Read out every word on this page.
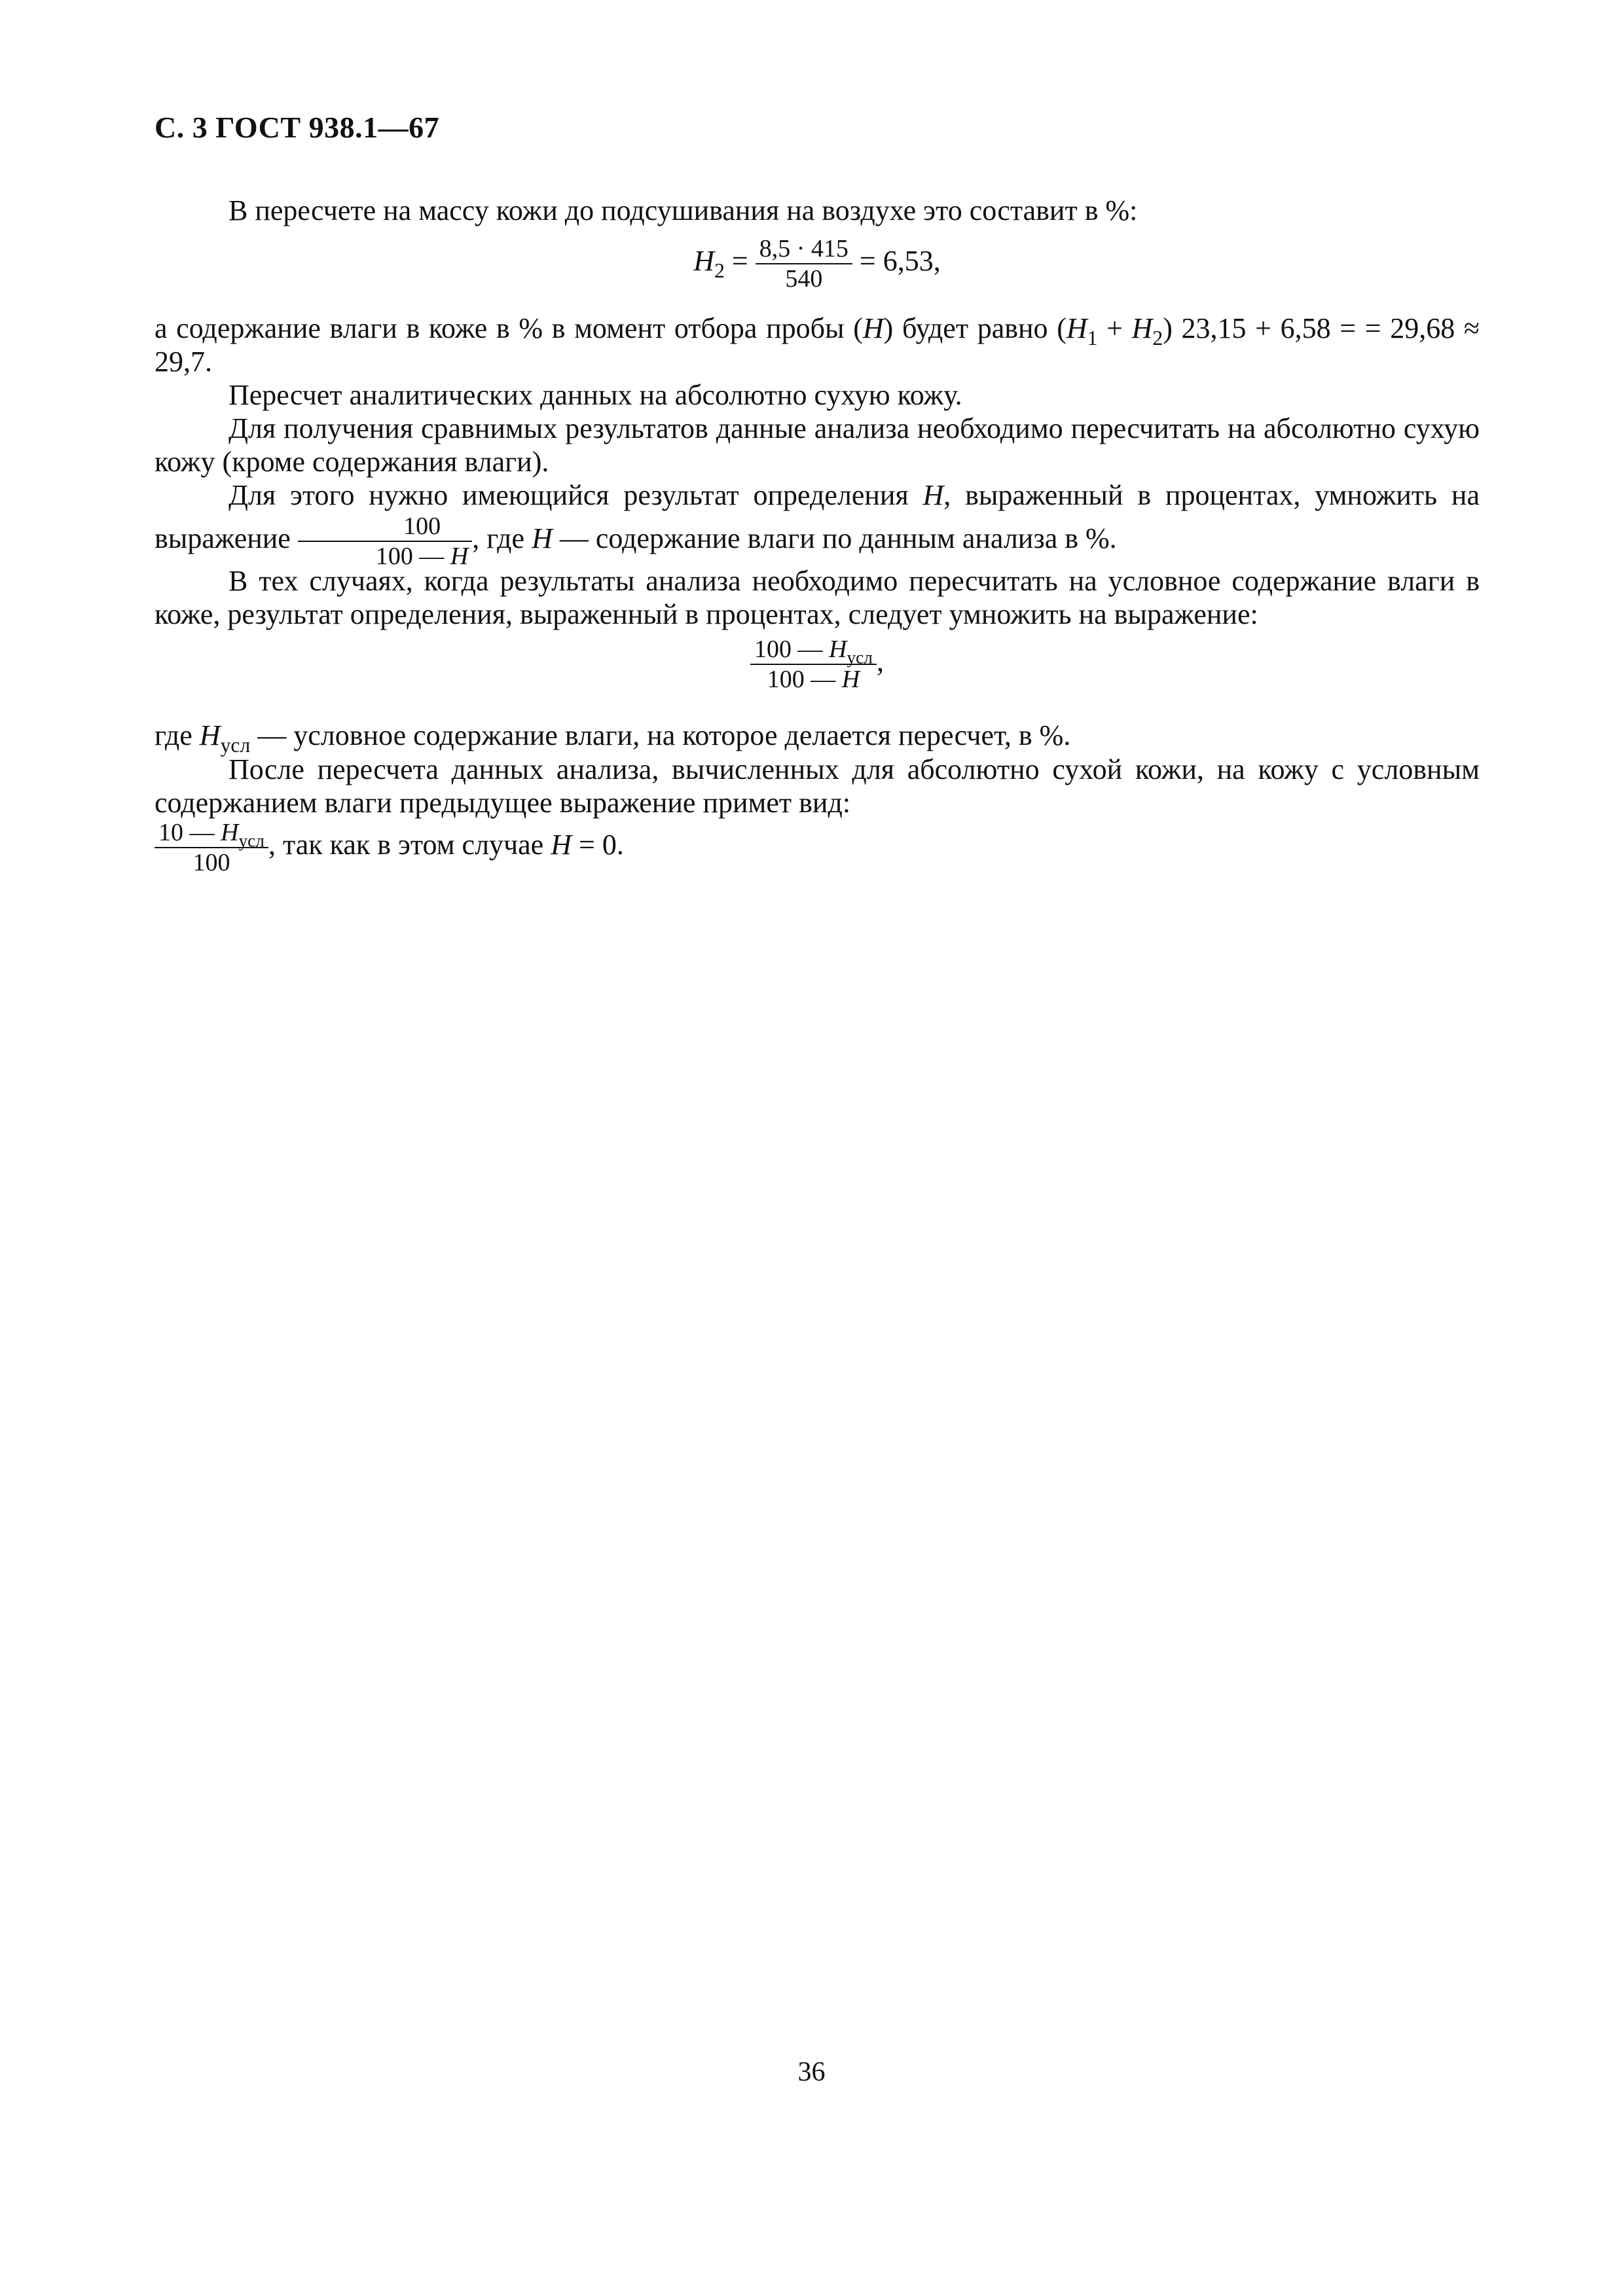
С. 3 ГОСТ 938.1—67
В пересчете на массу кожи до подсушивания на воздухе это составит в %:
$H_2 = \frac{8,5 \cdot 415}{540} = 6,53$,
а содержание влаги в коже в % в момент отбора пробы (H) будет равно $(H_1 + H_2) 23,15 + 6,58$ = = 29,68 ≈ 29,7.
Пересчет аналитических данных на абсолютно сухую кожу.
Для получения сравнимых результатов данные анализа необходимо пересчитать на абсолютно сухую кожу (кроме содержания влаги).
Для этого нужно имеющийся результат определения H, выраженный в процентах, умножить на выражение $\frac{100}{100 — H}$ , где H — содержание влаги по данным анализа в %.
В тех случаях, когда результаты анализа необходимо пересчитать на условное содержание влаги в коже, результат определения, выраженный в процентах, следует умножить на выражение:
$\frac{100 — H_{усл}}{100 — H}$ ,
где $H_{усл}$ — условное содержание влаги, на которое делается пересчет, в %.
После пересчета данных анализа, вычисленных для абсолютно сухой кожи, на кожу с условным содержанием влаги предыдущее выражение примет вид:
$\frac{10 — H_{усл}}{100}$ , так как в этом случае H = 0.
36
